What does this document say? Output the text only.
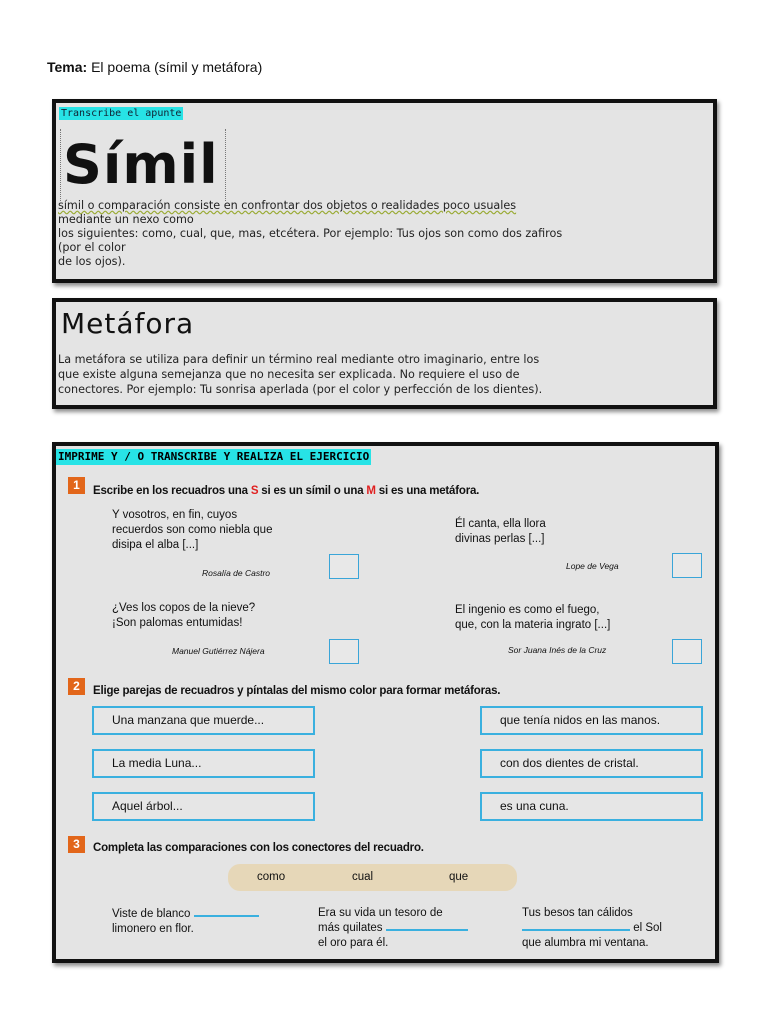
Tema: El poema (símil y metáfora)
Transcribe el apunte
Símil
símil o comparación consiste en confrontar dos objetos o realidades poco usuales
mediante un nexo como
los siguientes: como, cual, que, mas, etcétera. Por ejemplo: Tus ojos son como dos zafiros
(por el color
de los ojos).
Metáfora
La metáfora se utiliza para definir un término real mediante otro imaginario, entre los
que existe alguna semejanza que no necesita ser explicada. No requiere el uso de
conectores. Por ejemplo: Tu sonrisa aperlada (por el color y perfección de los dientes).
IMPRIME Y / O TRANSCRIBE Y REALIZA EL EJERCICIO
1	Escribe en los recuadros una S si es un símil o una M si es una metáfora.
Y vosotros, en fin, cuyos
recuerdos son como niebla que
disipa el alba [...]
Rosalía de Castro
Él canta, ella llora
divinas perlas [...]
Lope de Vega
¿Ves los copos de la nieve?
¡Son palomas entumidas!
Manuel Gutiérrez Nájera
El ingenio es como el fuego,
que, con la materia ingrato [...]
Sor Juana Inés de la Cruz
2	Elige parejas de recuadros y píntalas del mismo color para formar metáforas.
Una manzana que muerde...
La media Luna...
Aquel árbol...
que tenía nidos en las manos.
con dos dientes de cristal.
es una cuna.
3	Completa las comparaciones con los conectores del recuadro.
como	cual	que
Viste de blanco
limonero en flor.
Era su vida un tesoro de
más quilates
el oro para él.
Tus besos tan cálidos
el Sol
que alumbra mi ventana.
